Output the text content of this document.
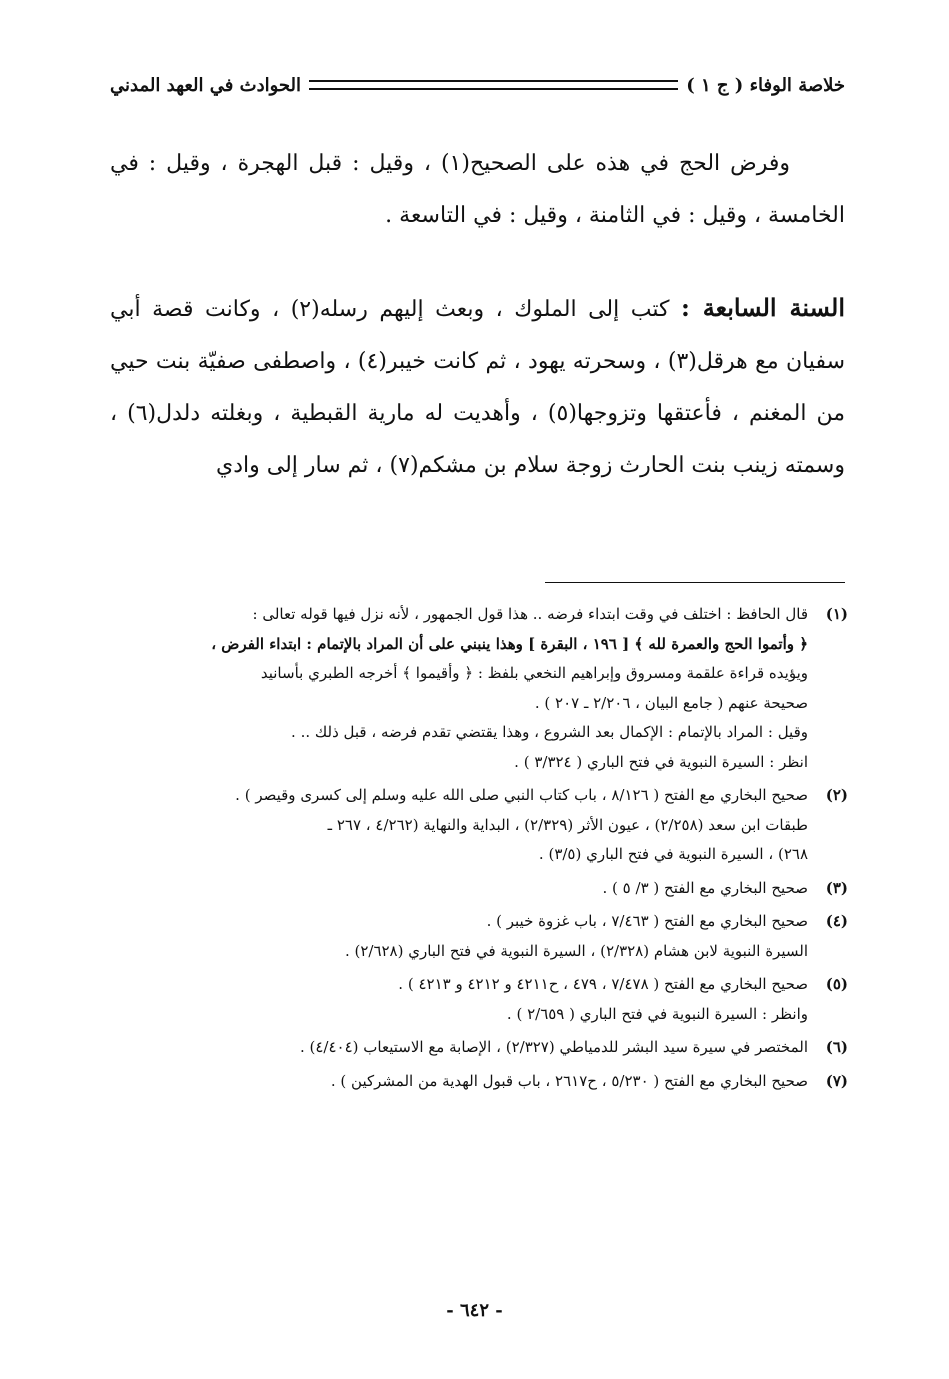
خلاصة الوفاء ( ج ١ )
الحوادث في العهد المدني

وفرض الحج في هذه على الصحيح(١) ، وقيل : قبل الهجرة ، وقيل : في الخامسة ، وقيل : في الثامنة ، وقيل : في التاسعة .

السنة السابعة : كتب إلى الملوك ، وبعث إليهم رسله(٢) ، وكانت قصة أبي سفيان مع هرقل(٣) ، وسحرته يهود ، ثم كانت خيبر(٤) ، واصطفى صفيّة بنت حيي من المغنم ، فأعتقها وتزوجها(٥) ، وأهديت له مارية القبطية ، وبغلته دلدل(٦) ، وسمته زينب بنت الحارث زوجة سلام بن مشكم(٧) ، ثم سار إلى وادي

(١)

قال الحافظ : اختلف في وقت ابتداء فرضه .. هذا قول الجمهور ، لأنه نزل فيها قوله تعالى :

﴿ وأتموا الحج والعمرة لله ﴾ [ ١٩٦ ، البقرة ] وهذا ينبني على أن المراد بالإتمام : ابتداء الفرض ،

ويؤيده قراءة علقمة ومسروق وإبراهيم النخعي بلفظ : ﴿ وأقيموا ﴾ أخرجه الطبري بأسانيد

صحيحة عنهم ( جامع البيان ، ٢/٢٠٦ ـ ٢٠٧ ) .

وقيل : المراد بالإتمام : الإكمال بعد الشروع ، وهذا يقتضي تقدم فرضه ، قبل ذلك .. .

انظر : السيرة النبوية في فتح الباري ( ٣/٣٢٤ ) .

(٢)

صحيح البخاري مع الفتح ( ٨/١٢٦ ، باب كتاب النبي صلى الله عليه وسلم إلى كسرى وقيصر ) .

طبقات ابن سعد (٢/٢٥٨) ، عيون الأثر (٢/٣٢٩) ، البداية والنهاية (٤/٢٦٢ ، ٢٦٧ ـ

٢٦٨) ، السيرة النبوية في فتح الباري (٣/٥) .

(٣)

صحيح البخاري مع الفتح ( ٣/ ٥ ) .

(٤)

صحيح البخاري مع الفتح ( ٧/٤٦٣ ، باب غزوة خيبر ) .

السيرة النبوية لابن هشام (٢/٣٢٨) ، السيرة النبوية في فتح الباري (٢/٦٢٨) .

(٥)

صحيح البخاري مع الفتح ( ٧/٤٧٨ ، ٤٧٩ ، ح٤٢١١ و ٤٢١٢ و ٤٢١٣ ) .

وانظر : السيرة النبوية في فتح الباري ( ٢/٦٥٩ ) .

(٦)

المختصر في سيرة سيد البشر للدمياطي (٢/٣٢٧) ، الإصابة مع الاستيعاب (٤/٤٠٤) .

(٧)

صحيح البخاري مع الفتح ( ٥/٢٣٠ ، ح٢٦١٧ ، باب قبول الهدية من المشركين ) .

- ٦٤٢ -
